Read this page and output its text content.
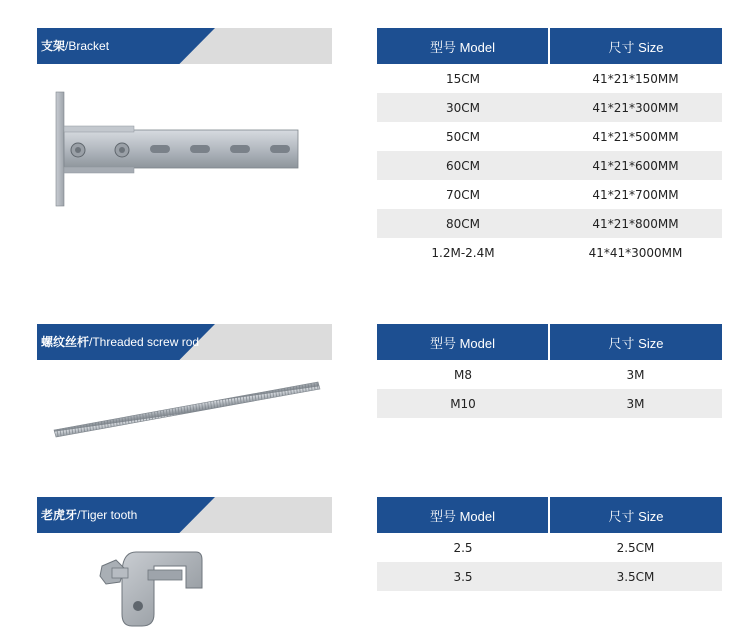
支架/Bracket	型号 Model	尺寸 Size
15CM	41*21*150MM
30CM	41*21*300MM
50CM	41*21*500MM
60CM	41*21*600MM
70CM	41*21*700MM
80CM	41*21*800MM
1.2M-2.4M	41*41*3000MM
螺纹丝杆/Threaded screw rod	型号 Model	尺寸 Size
M8	3M
M10	3M
老虎牙/Tiger tooth	型号 Model	尺寸 Size
2.5	2.5CM
3.5	3.5CM
